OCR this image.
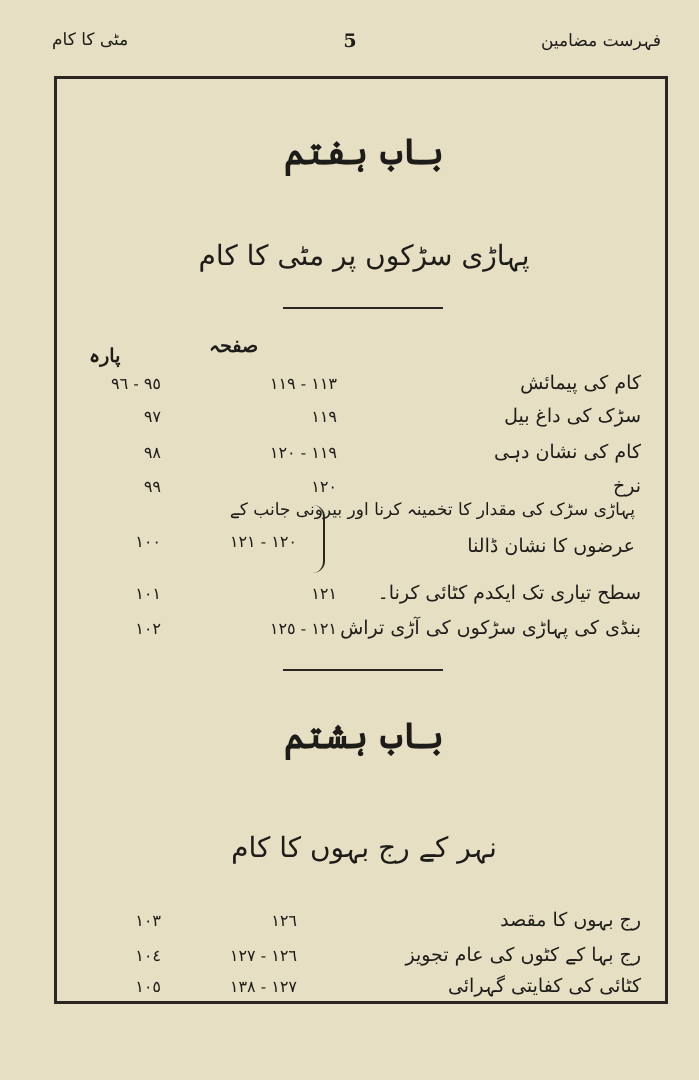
مٹی کا کام	5	فہرست مضامین
باب ہفتم
پہاڑی سڑکوں پر مٹی کا کام
صفحہ
پارہ
کام کی پیمائش
١١٣ - ١١٩
٩٥ - ٩٦
سڑک کی داغ بیل
١١٩
٩٧
کام کی نشان دہی
١١٩ - ١٢٠
٩٨
نرخ
١٢٠
٩٩
پہاڑی سڑک کی مقدار کا تخمینہ کرنا اور بیرونی جانب کے
عرضوں کا نشان ڈالنا
١٢٠ - ١٢١
١٠٠
سطح تیاری تک ایکدم کٹائی کرنا۔
١٢١
١٠١
بنڈی کی پہاڑی سڑکوں کی آڑی تراش
١٢١ - ١٢٥
١٠٢
باب ہشتم
نہر کے رج بہوں کا کام
رج بہوں کا مقصد
١٢٦
١٠٣
رج بہا کے کٹوں کی عام تجویز
١٢٦ - ١٢٧
١٠٤
کٹائی کی کفایتی گہرائی
١٢٧ - ١٣٨
١٠٥
